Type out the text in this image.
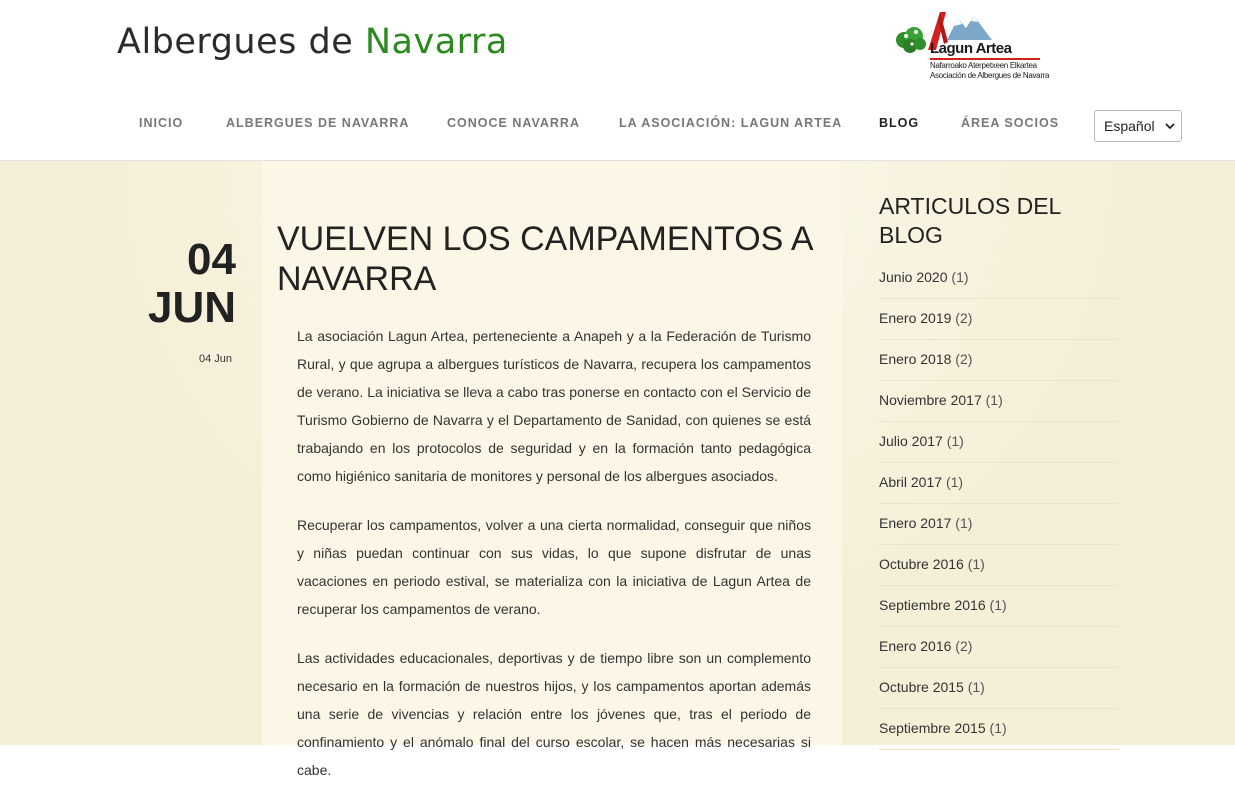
Albergues de Navarra	Lagun Artea
Nafarroako Aterpetxeen Elkartea
Asociación de Albergues de Navarra
INICIO	ALBERGUES DE NAVARRA	CONOCE NAVARRA	LA ASOCIACIÓN: LAGUN ARTEA	BLOG	ÁREA SOCIOS	Español
04
JUN
04 Jun
VUELVEN LOS CAMPAMENTOS A NAVARRA

La asociación Lagun Artea, perteneciente a Anapeh y a la Federación de Turismo Rural, y que agrupa a albergues turísticos de Navarra, recupera los campamentos de verano. La iniciativa se lleva a cabo tras ponerse en contacto con el Servicio de Turismo Gobierno de Navarra y el Departamento de Sanidad, con quienes se está trabajando en los protocolos de seguridad y en la formación tanto pedagógica como higiénico sanitaria de monitores y personal de los albergues asociados.

Recuperar los campamentos, volver a una cierta normalidad, conseguir que niños y niñas puedan continuar con sus vidas, lo que supone disfrutar de unas vacaciones en periodo estival, se materializa con la iniciativa de Lagun Artea de recuperar los campamentos de verano.

Las actividades educacionales, deportivas y de tiempo libre son un complemento necesario en la formación de nuestros hijos, y los campamentos aportan además una serie de vivencias y relación entre los jóvenes que, tras el periodo de confinamiento y el anómalo final del curso escolar, se hacen más necesarias si cabe.

ARTICULOS DEL BLOG
Junio 2020 (1)
Enero 2019 (2)
Enero 2018 (2)
Noviembre 2017 (1)
Julio 2017 (1)
Abril 2017 (1)
Enero 2017 (1)
Octubre 2016 (1)
Septiembre 2016 (1)
Enero 2016 (2)
Octubre 2015 (1)
Septiembre 2015 (1)
